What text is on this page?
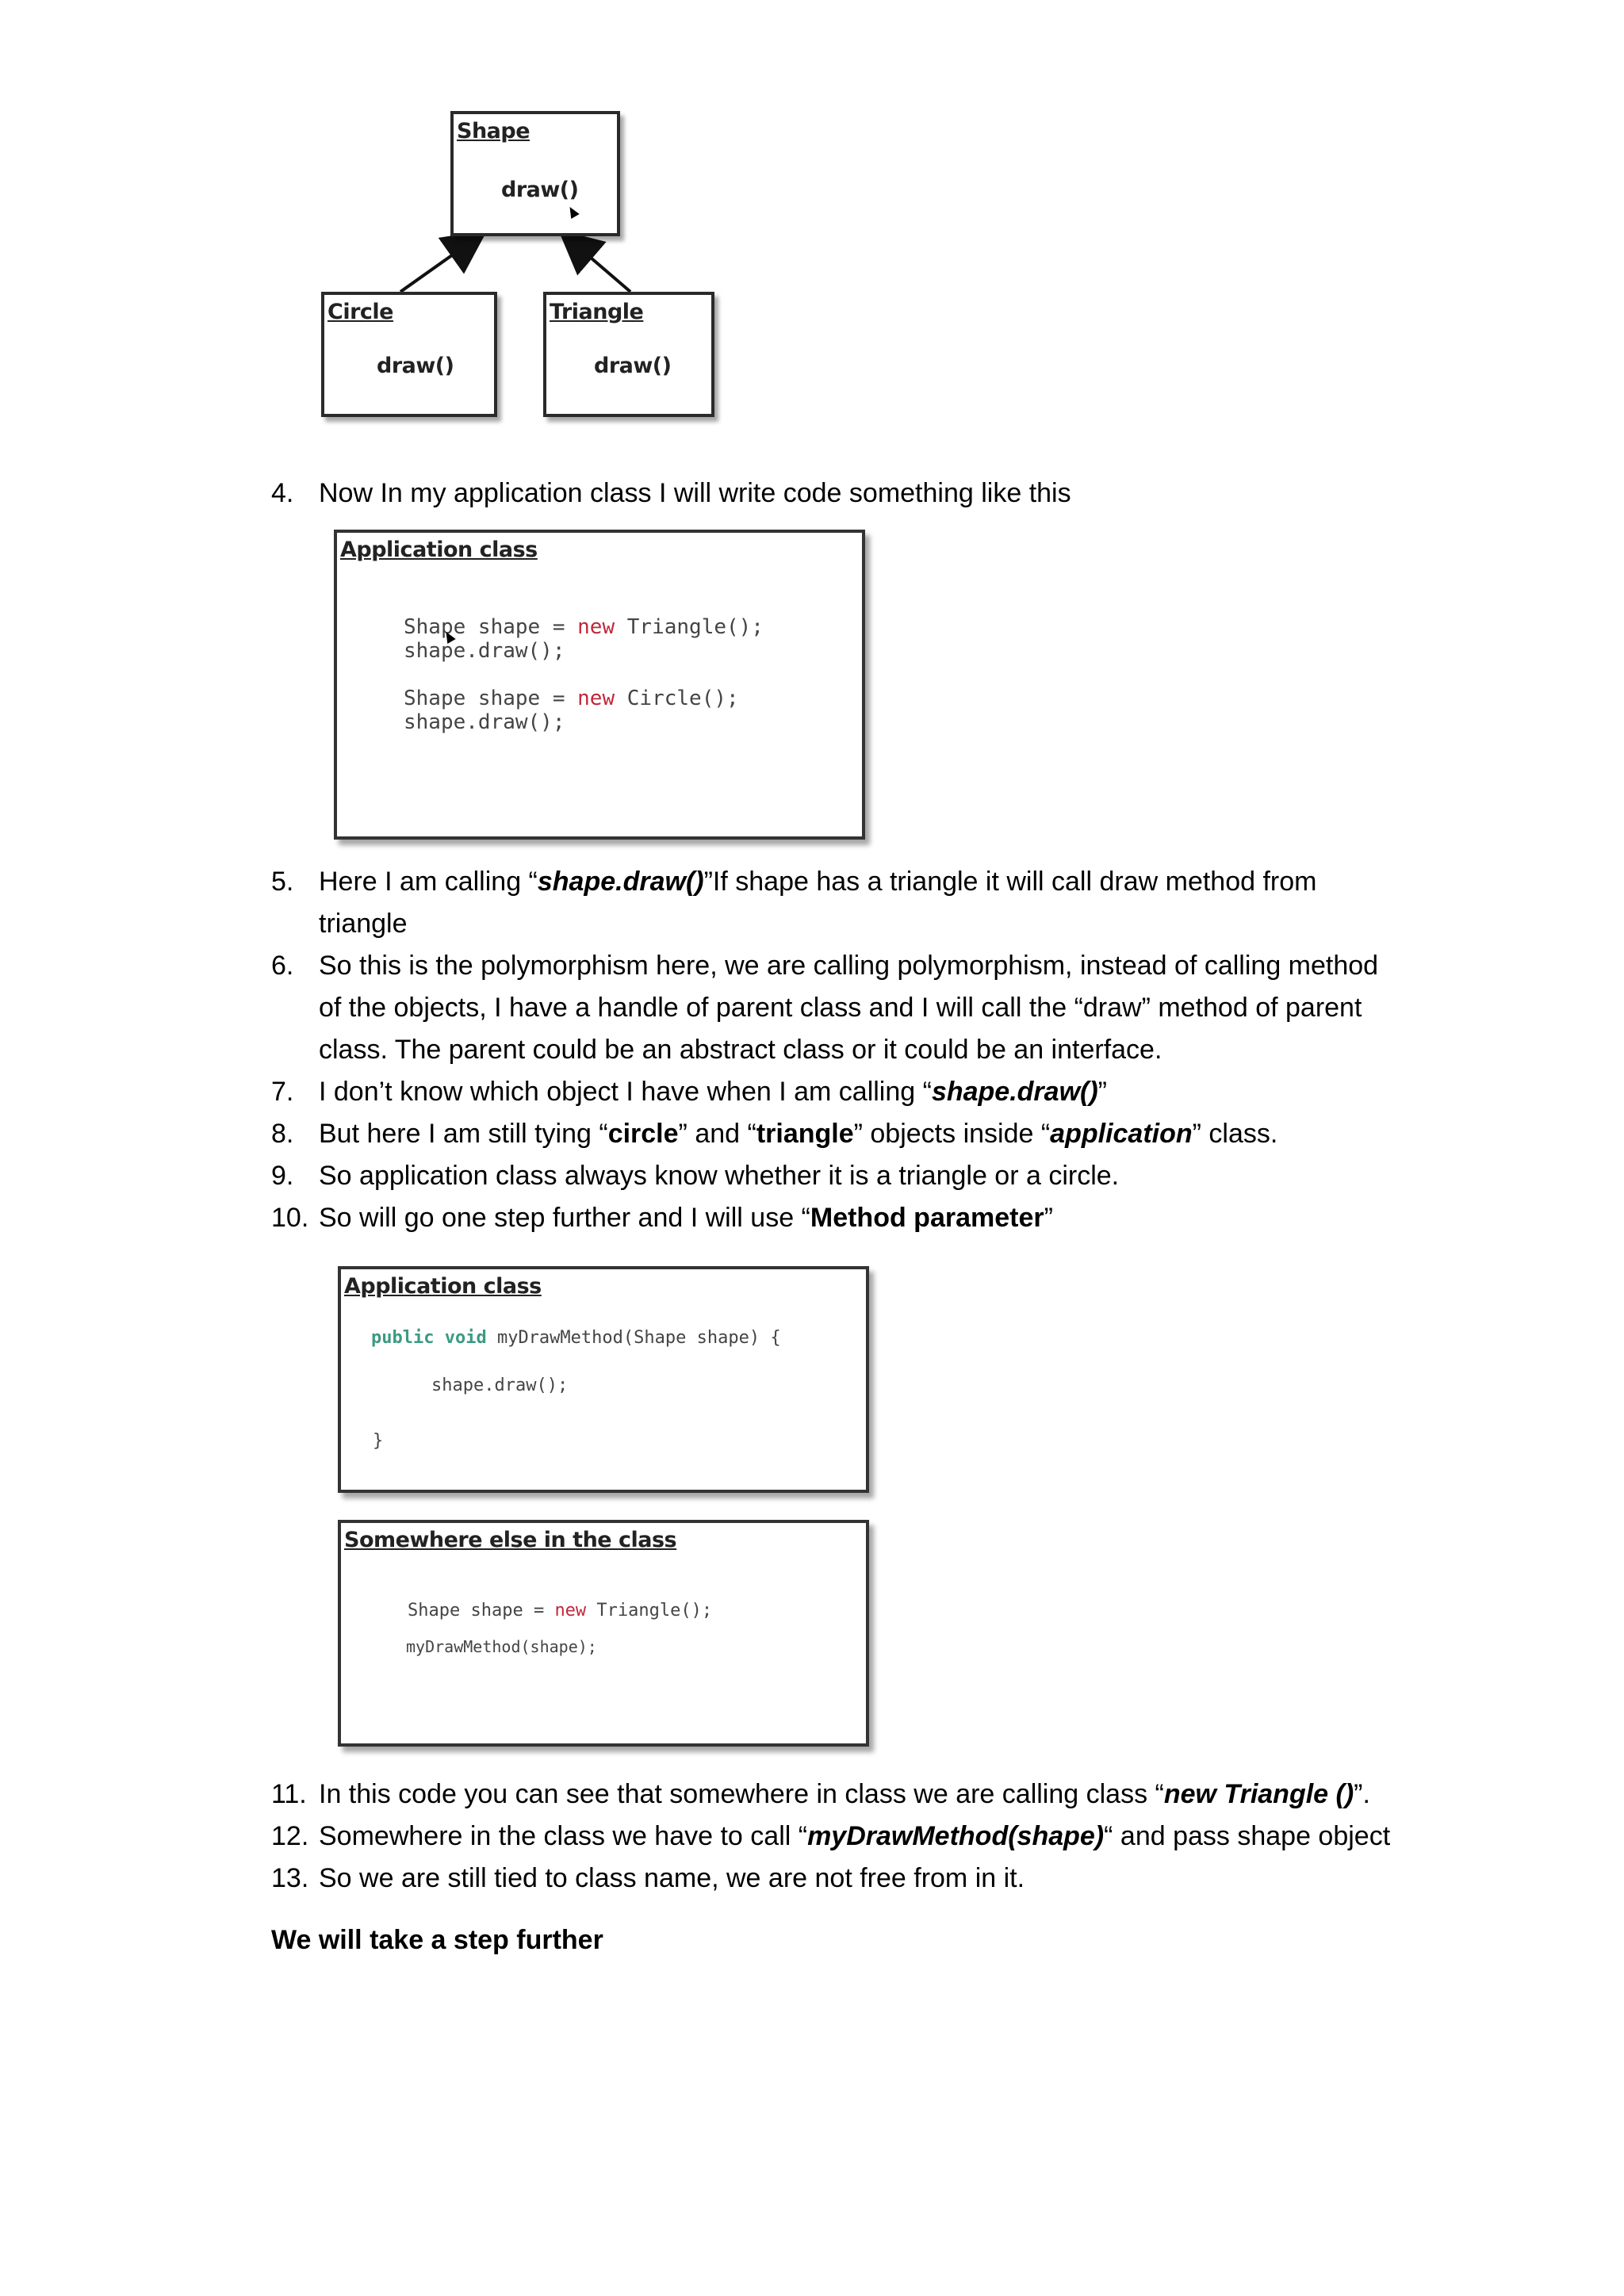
Shape
draw()
Circle
draw()
Triangle
draw()
4. Now In my application class I will write code something like this
Application class
Shape shape = new Triangle();
shape.draw();

Shape shape = new Circle();
shape.draw();
5. Here I am calling “shape.draw()”If shape has a triangle it will call draw method from
triangle
6. So this is the polymorphism here, we are calling polymorphism, instead of calling method
of the objects, I have a handle of parent class and I will call the “draw” method of parent
class. The parent could be an abstract class or it could be an interface.
7. I don’t know which object I have when I am calling “shape.draw()”
8. But here I am still tying “circle” and “triangle” objects inside “application” class.
9. So application class always know whether it is a triangle or a circle.
10. So will go one step further and I will use “Method parameter”
Application class
public void myDrawMethod(Shape shape) {
shape.draw();
}
Somewhere else in the class
Shape shape = new Triangle();
myDrawMethod(shape);
11. In this code you can see that somewhere in class we are calling class “new Triangle ()”.
12. Somewhere in the class we have to call “myDrawMethod(shape)“ and pass shape object
13. So we are still tied to class name, we are not free from in it.
We will take a step further
